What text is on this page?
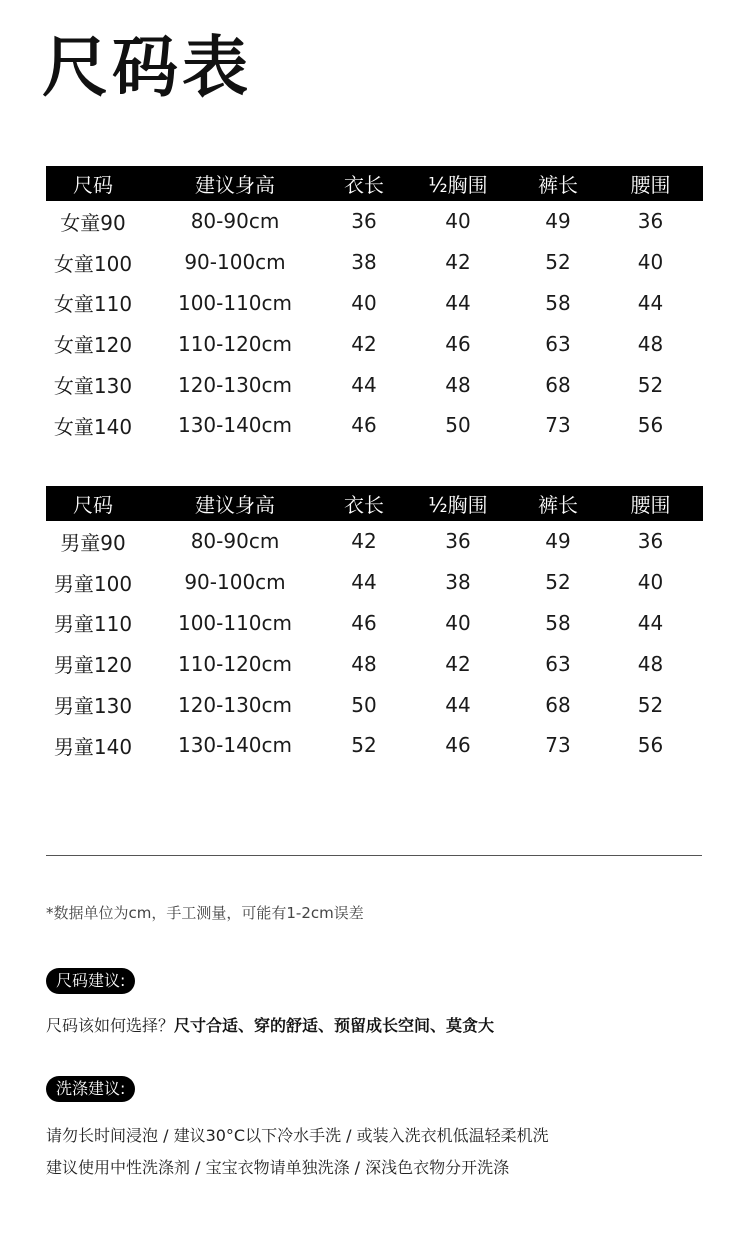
尺码表
尺码	建议身高	衣长	½胸围	裤长	腰围
女童90	80-90cm	36	40	49	36
女童100	90-100cm	38	42	52	40
女童110	100-110cm	40	44	58	44
女童120	110-120cm	42	46	63	48
女童130	120-130cm	44	48	68	52
女童140	130-140cm	46	50	73	56
尺码	建议身高	衣长	½胸围	裤长	腰围
男童90	80-90cm	42	36	49	36
男童100	90-100cm	44	38	52	40
男童110	100-110cm	46	40	58	44
男童120	110-120cm	48	42	63	48
男童130	120-130cm	50	44	68	52
男童140	130-140cm	52	46	73	56

*数据单位为cm，手工测量，可能有1-2cm误差

尺码建议:

尺码该如何选择？尺寸合适、穿的舒适、预留成长空间、莫贪大

洗涤建议:

请勿长时间浸泡 / 建议30°C以下冷水手洗 / 或装入洗衣机低温轻柔机洗

建议使用中性洗涤剂 / 宝宝衣物请单独洗涤 / 深浅色衣物分开洗涤
